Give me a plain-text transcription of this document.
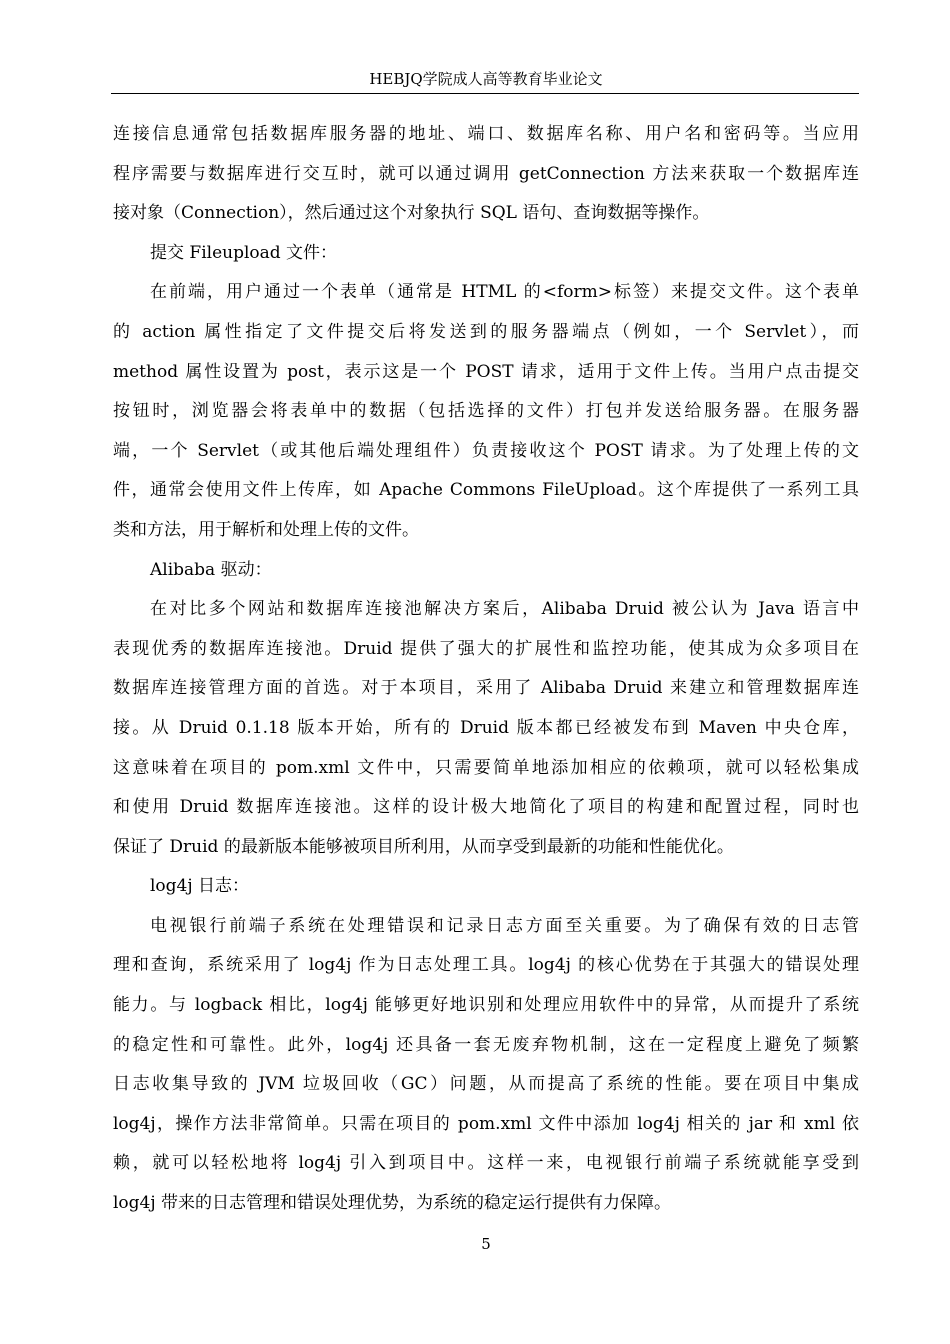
HEBJQ学院成人高等教育毕业论文
连接信息通常包括数据库服务器的地址、端口、数据库名称、用户名和密码等。当应用
程序需要与数据库进行交互时，就可以通过调用 getConnection 方法来获取一个数据库连
接对象（Connection），然后通过这个对象执行 SQL 语句、查询数据等操作。
提交 Fileupload 文件：
在前端，用户通过一个表单（通常是 HTML 的<form>标签）来提交文件。这个表单
的 action 属性指定了文件提交后将发送到的服务器端点（例如，一个 Servlet），而
method 属性设置为 post，表示这是一个 POST 请求，适用于文件上传。当用户点击提交
按钮时，浏览器会将表单中的数据（包括选择的文件）打包并发送给服务器。在服务器
端，一个 Servlet（或其他后端处理组件）负责接收这个 POST 请求。为了处理上传的文
件，通常会使用文件上传库，如 Apache Commons FileUpload。这个库提供了一系列工具
类和方法，用于解析和处理上传的文件。
Alibaba 驱动：
在对比多个网站和数据库连接池解决方案后，Alibaba Druid 被公认为 Java 语言中
表现优秀的数据库连接池。Druid 提供了强大的扩展性和监控功能，使其成为众多项目在
数据库连接管理方面的首选。对于本项目，采用了 Alibaba Druid 来建立和管理数据库连
接。从 Druid 0.1.18 版本开始，所有的 Druid 版本都已经被发布到 Maven 中央仓库，
这意味着在项目的 pom.xml 文件中，只需要简单地添加相应的依赖项，就可以轻松集成
和使用 Druid 数据库连接池。这样的设计极大地简化了项目的构建和配置过程，同时也
保证了 Druid 的最新版本能够被项目所利用，从而享受到最新的功能和性能优化。
log4j 日志：
电视银行前端子系统在处理错误和记录日志方面至关重要。为了确保有效的日志管
理和查询，系统采用了 log4j 作为日志处理工具。log4j 的核心优势在于其强大的错误处理
能力。与 logback 相比，log4j 能够更好地识别和处理应用软件中的异常，从而提升了系统
的稳定性和可靠性。此外，log4j 还具备一套无废弃物机制，这在一定程度上避免了频繁
日志收集导致的 JVM 垃圾回收（GC）问题，从而提高了系统的性能。要在项目中集成
log4j，操作方法非常简单。只需在项目的 pom.xml 文件中添加 log4j 相关的 jar 和 xml 依
赖，就可以轻松地将 log4j 引入到项目中。这样一来，电视银行前端子系统就能享受到
log4j 带来的日志管理和错误处理优势，为系统的稳定运行提供有力保障。
5
